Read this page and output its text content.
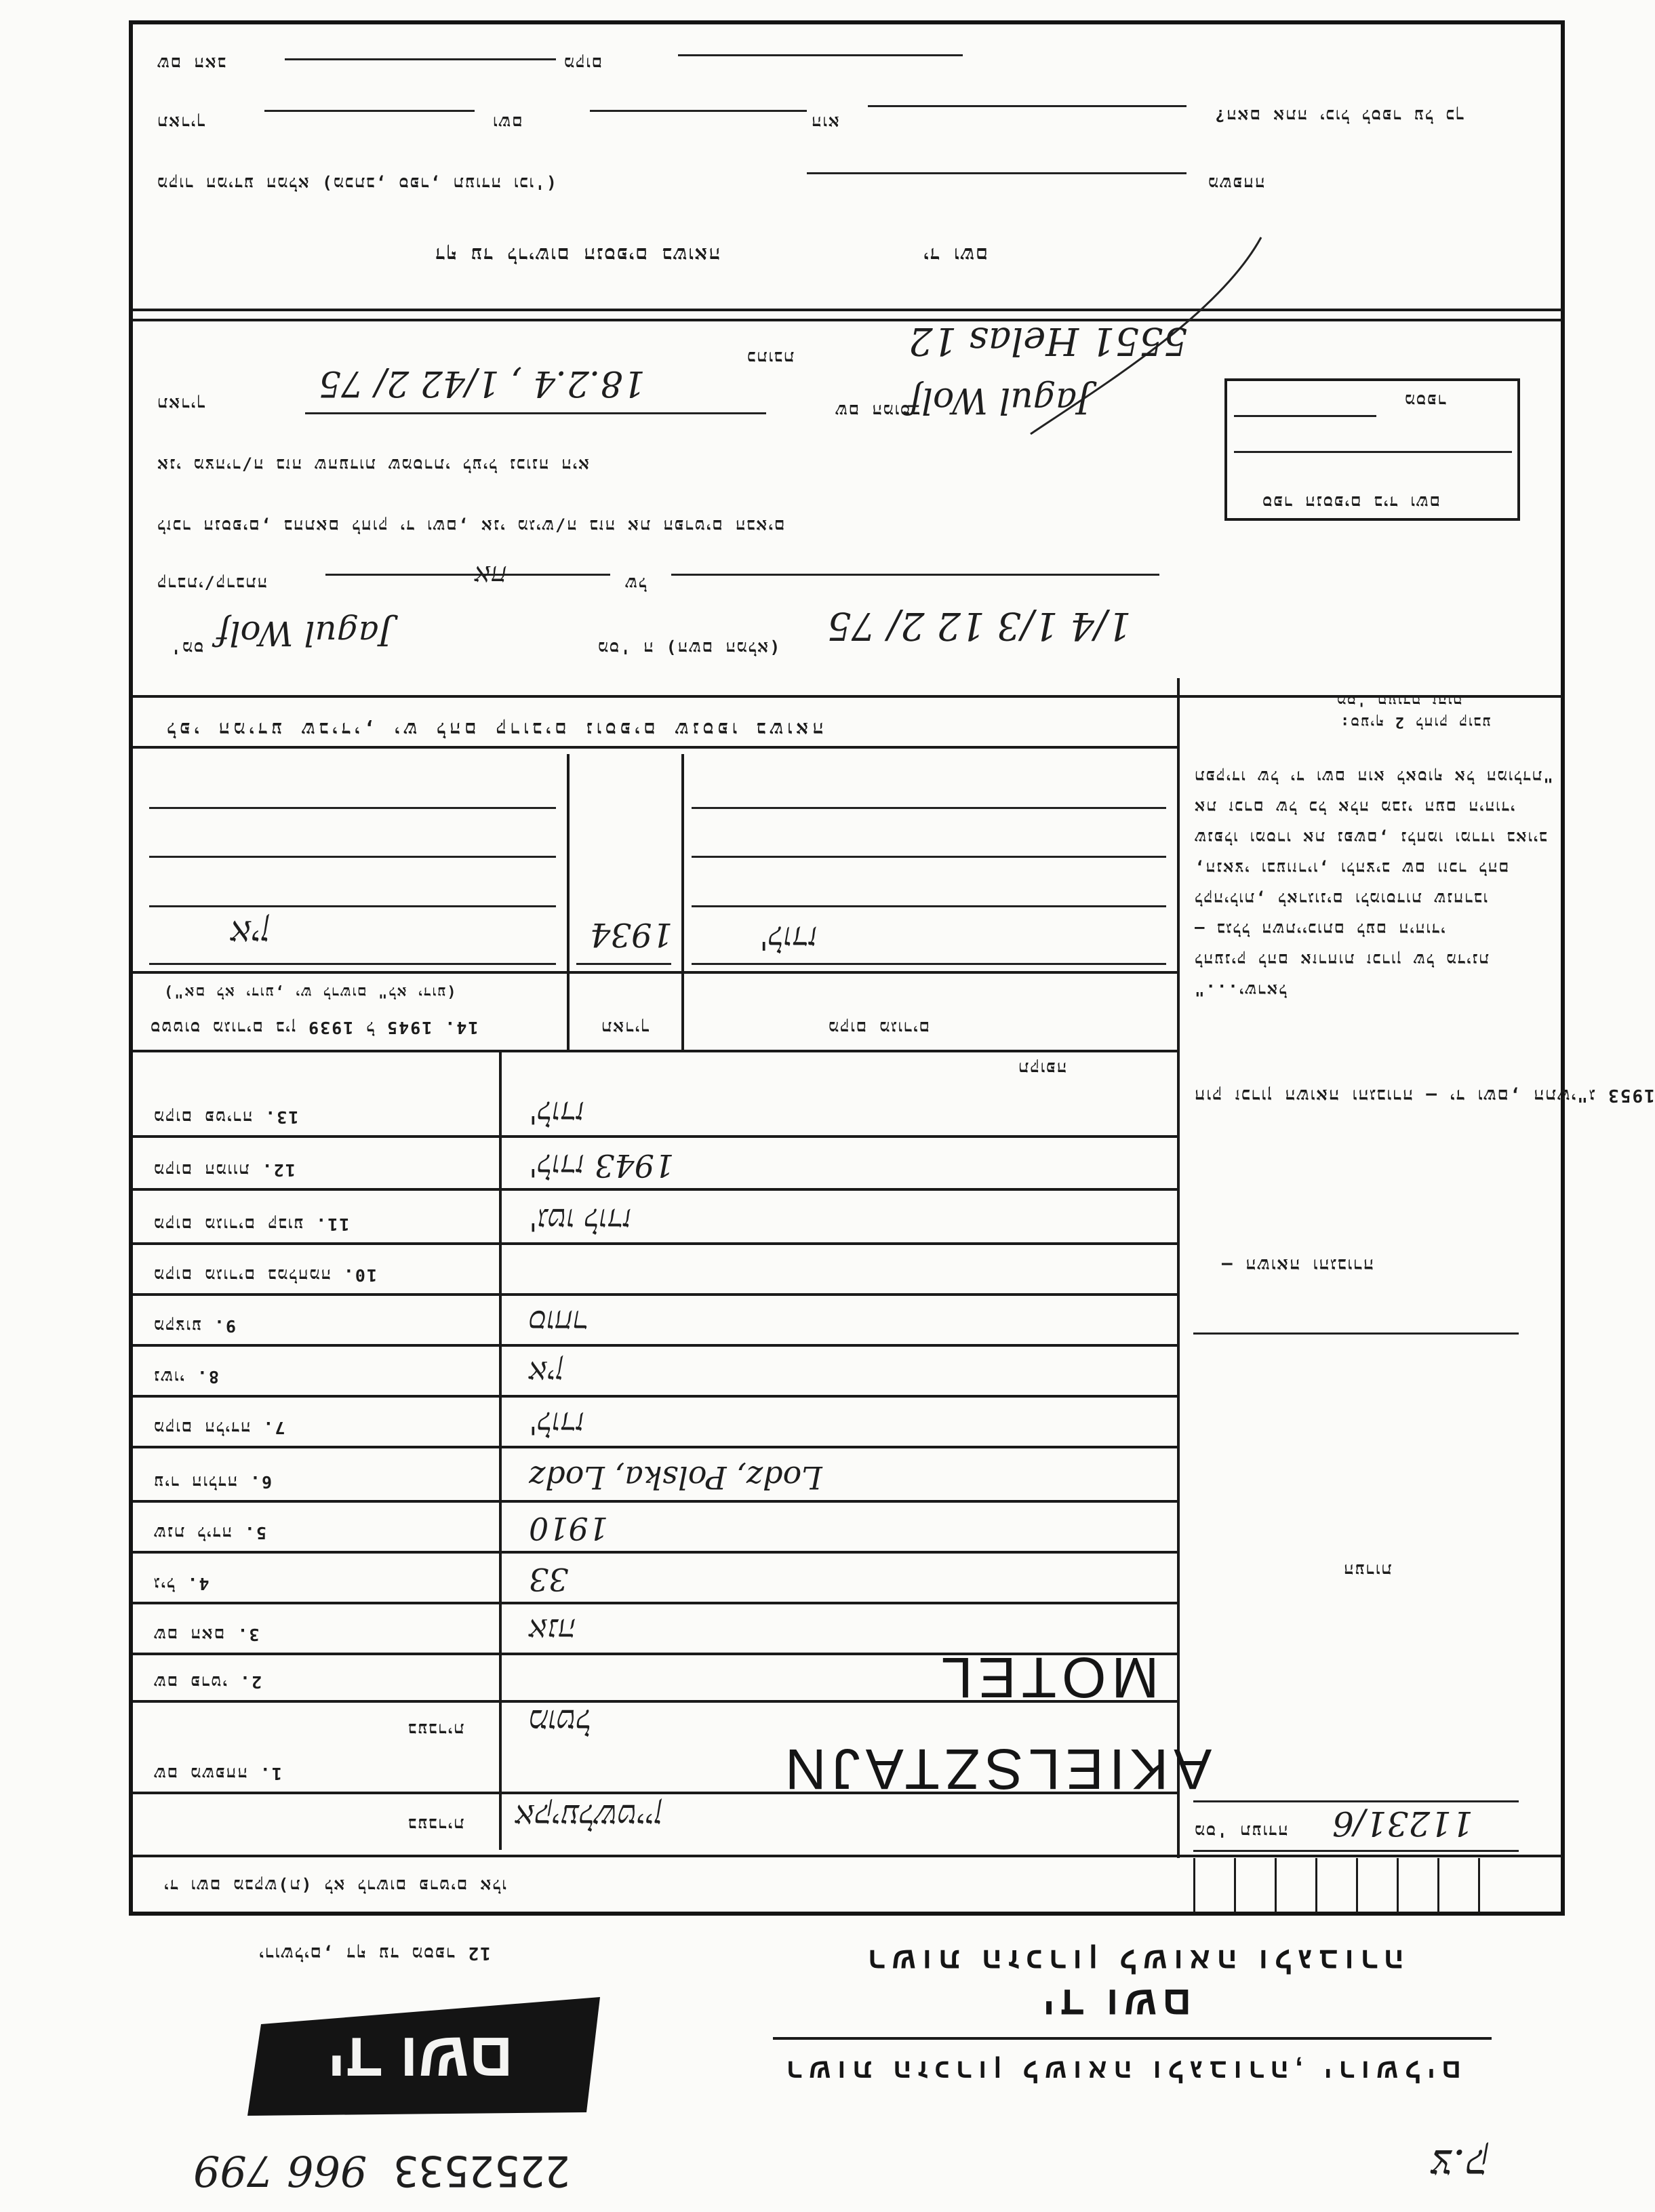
שם האב	מקום
תאריך	ושם	הוא	האם אתה יכול לספר על כך?
מקור המידע המלא (מכתב, ספר, תעודה וכו')	משפחה
דף עד לרישום הנספים בשואה	יד ושם
כתובת	5551 Helas 12
שם המוסר
Jagul Wolf
תאריך
18.2.4 , 1/42 2/ 75	מספר
ספר הנספים ביד ושם
אני מצהיר/ה בזה שהעדות שמסרתי לעיל נכונה היא
לזכר הנספים, בהתאם לחוק יד ושם, אני מגיש/ה בזה את הפרטים הבאים
קרבתי/קרבתה	אח	של
מס'	Jagul Wolf	מס' ה (השם המלא)
1/4 1/3 12 2/ 75
לפי המידע שבידי, יש להם קרובים נוספים שנספו בשואה
אין	1934	לודז'
(אם לא ידוע, יש לרשום "לא ידוע")
14. סטטוס מגורים בין 1939 ל 1945	תאריך	מקום מגורים
תקופה
13. מקום פטירה	לודז'
12. מקום המוות	1943 לודז'
11. מקום מגורים קבוע	גטו לודז'
10. מקום מגורים במלחמה
9. מקצוע	סוחר
8. נשוי	אין
7. מקום הלידה	לודז'
6. עיר הולדה	Lodz, Polska, Lodz
5. שנת לידה	1910
4. גיל	33
3. שם האם	אנה
2. שם פרטי	MOTEL
1. שם משפחה	AKIELSZTAJN
בעברית מוטל
בעברית אקיעלשטיין
יד ושם מבקש(ת) לא לרשום פרטים אלו
מס' תעודת זהות
סעיף 2 לחוק קובע:
"תפקידו של יד ושם הוא לאסוף אל המולדת
את זכרם של כל אלה מבני העם היהודי
שנפלו ומסרו את נפשם, נלחמו ומרדו באויב
הנאצי ובעוזריו, ולהציב שם וזכר להם,
לקהילות, לארגונים ולמוסדות שנחרבו
בגלל השתייכותם לעם היהודי —
להעניק להם אזרחות זכרון של מדינת
ישראל..."
חוק זכרון השואה והגבורה — יד ושם, התשי"ג 1953
השואה והגבורה —
הערות
מס' תעודה 11231/6
ירושלים, דף עד מספר 12	רשות הזכרון לשואה ולגבורה
יד ושם
רשות הזכרון לשואה ולגבורה, ירושלים
יד ושם
2252533
966 799	צ.ק
